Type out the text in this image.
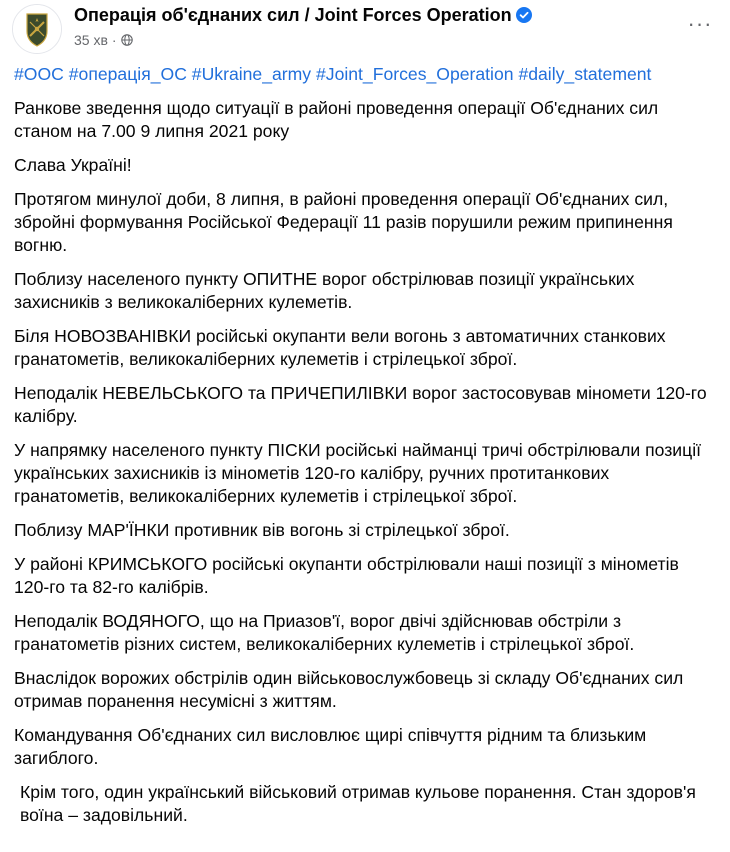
Операція об'єднаних сил / Joint Forces Operation
35 хв ·
···
#ООС #операція_ОС #Ukraine_army #Joint_Forces_Operation #daily_statement

Ранкове зведення щодо ситуації в районі проведення операції Об'єднаних сил станом на 7.00 9 липня 2021 року

Слава Україні!

Протягом минулої доби, 8 липня, в районі проведення операції Об'єднаних сил, збройні формування Російської Федерації 11 разів порушили режим припинення вогню.

Поблизу населеного пункту ОПИТНЕ ворог обстрілював позиції українських захисників з великокаліберних кулеметів.

Біля НОВОЗВАНІВКИ російські окупанти вели вогонь з автоматичних станкових гранатометів, великокаліберних кулеметів і стрілецької зброї.

Неподалік НЕВЕЛЬСЬКОГО та ПРИЧЕПИЛІВКИ ворог застосовував міномети 120-го калібру.

У напрямку населеного пункту ПІСКИ російські найманці тричі обстрілювали позиції українських захисників із мінометів 120-го калібру, ручних протитанкових гранатометів, великокаліберних кулеметів і стрілецької зброї.

Поблизу МАР'ЇНКИ противник вів вогонь зі стрілецької зброї.

У районі КРИМСЬКОГО російські окупанти обстрілювали наші позиції з мінометів 120-го та 82-го калібрів.

Неподалік ВОДЯНОГО, що на Приазов'ї, ворог двічі здійснював обстріли з гранатометів різних систем, великокаліберних кулеметів і стрілецької зброї.

Внаслідок ворожих обстрілів один військовослужбовець зі складу Об'єднаних сил отримав поранення несумісні з життям.

Командування Об'єднаних сил висловлює щирі співчуття рідним та близьким загиблого.

Крім того, один український військовий отримав кульове поранення. Стан здоров'я воїна – задовільний.
